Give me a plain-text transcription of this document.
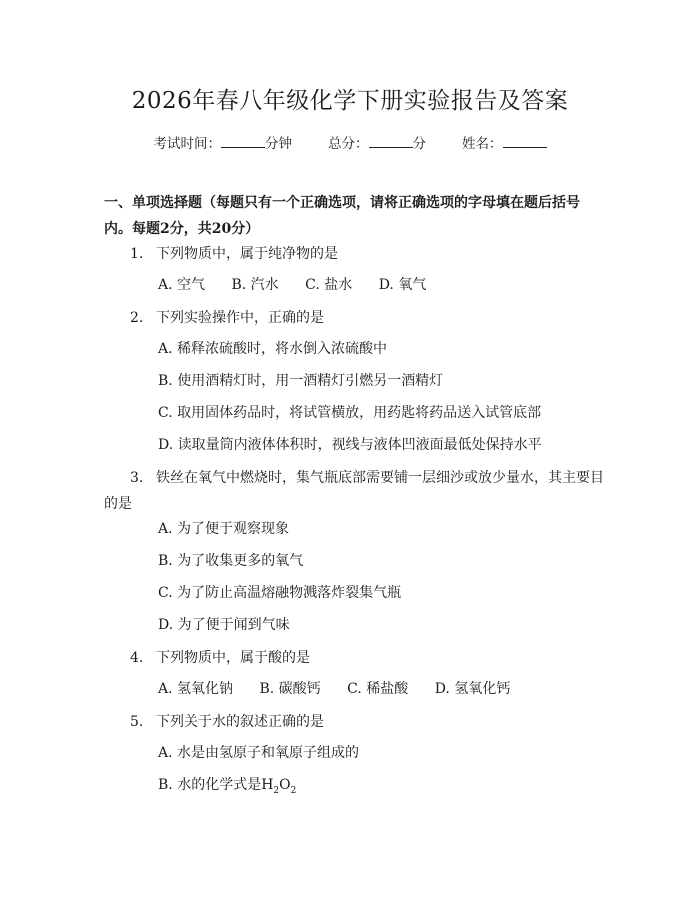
2026年春八年级化学下册实验报告及答案
考试时间：	分钟	总分：	分	姓名：
一、单项选择题（每题只有一个正确选项，请将正确选项的字母填在题后括号内。每题2分，共20分）
1. 下列物质中，属于纯净物的是
A. 空气 B. 汽水 C. 盐水 D. 氧气
2. 下列实验操作中，正确的是
A. 稀释浓硫酸时，将水倒入浓硫酸中
B. 使用酒精灯时，用一酒精灯引燃另一酒精灯
C. 取用固体药品时，将试管横放，用药匙将药品送入试管底部
D. 读取量筒内液体体积时，视线与液体凹液面最低处保持水平
3. 铁丝在氧气中燃烧时，集气瓶底部需要铺一层细沙或放少量水，其主要目的是
A. 为了便于观察现象
B. 为了收集更多的氧气
C. 为了防止高温熔融物溅落炸裂集气瓶
D. 为了便于闻到气味
4. 下列物质中，属于酸的是
A. 氢氧化钠 B. 碳酸钙 C. 稀盐酸 D. 氢氧化钙
5. 下列关于水的叙述正确的是
A. 水是由氢原子和氧原子组成的
B. 水的化学式是$H_2O_2$
